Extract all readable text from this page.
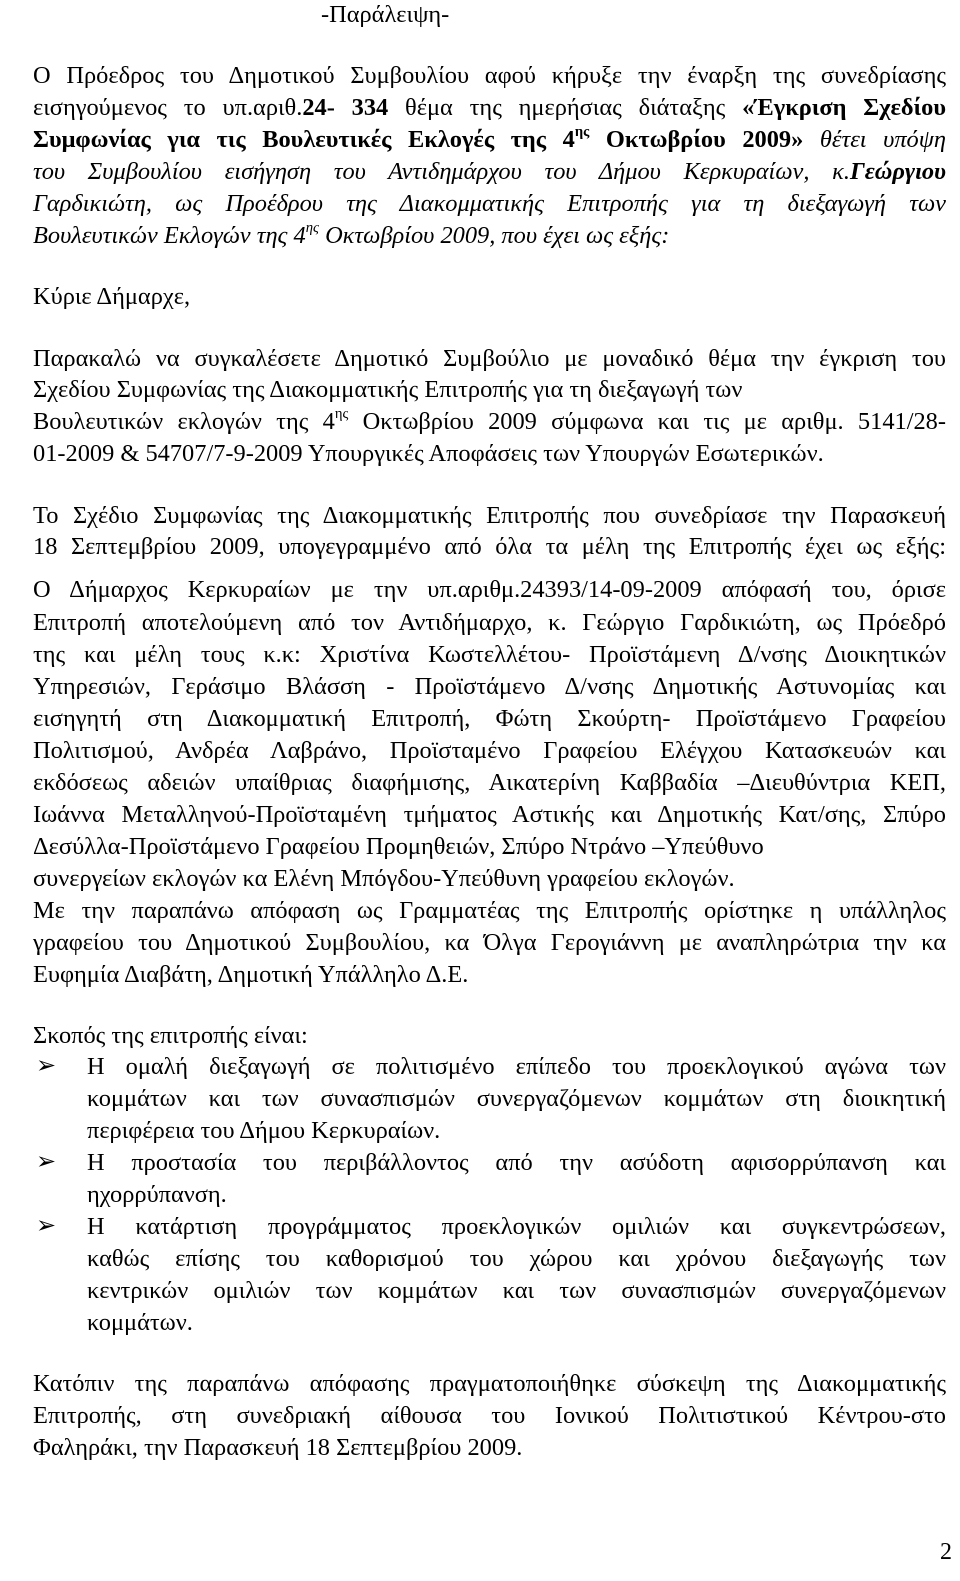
-Παράλειψη-
Ο Πρόεδρος του Δημοτικού Συμβουλίου αφού κήρυξε την έναρξη της συνεδρίασης
εισηγούμενος το υπ.αριθ.24- 334 θέμα της ημερήσιας διάταξης «Έγκριση Σχεδίου
Συμφωνίας για τις Βουλευτικές Εκλογές της $4^{\eta\varsigma}$ Οκτωβρίου 2009» θέτει υπόψη
του Συμβουλίου εισήγηση του Αντιδημάρχου του Δήμου Κερκυραίων, κ.Γεώργιου
Γαρδικιώτη, ως Προέδρου της Διακομματικής Επιτροπής για τη διεξαγωγή των
Βουλευτικών Εκλογών της $4^{\eta\varsigma}$ Οκτωβρίου 2009, που έχει ως εξής:
Κύριε Δήμαρχε,
Παρακαλώ να συγκαλέσετε Δημοτικό Συμβούλιο με μοναδικό θέμα την έγκριση του
Σχεδίου Συμφωνίας της Διακομματικής Επιτροπής για τη διεξαγωγή των
Βουλευτικών εκλογών της $4^{\eta\varsigma}$ Οκτωβρίου 2009 σύμφωνα και τις με αριθμ. 5141/28-
01-2009 & 54707/7-9-2009 Υπουργικές Αποφάσεις των Υπουργών Εσωτερικών.
Το Σχέδιο Συμφωνίας της Διακομματικής Επιτροπής που συνεδρίασε την Παρασκευή
18 Σεπτεμβρίου 2009, υπογεγραμμένο από όλα τα μέλη της Επιτροπής έχει ως εξής:
Ο Δήμαρχος Κερκυραίων με την υπ.αριθμ.24393/14-09-2009 απόφασή του, όρισε
Επιτροπή αποτελούμενη από τον Αντιδήμαρχο, κ. Γεώργιο Γαρδικιώτη, ως Πρόεδρό
της και μέλη τους κ.κ: Χριστίνα Κωστελλέτου- Προϊστάμενη Δ/νσης Διοικητικών
Υπηρεσιών, Γεράσιμο Βλάσση - Προϊστάμενο Δ/νσης Δημοτικής Αστυνομίας και
εισηγητή στη Διακομματική Επιτροπή, Φώτη Σκούρτη- Προϊστάμενο Γραφείου
Πολιτισμού, Ανδρέα Λαβράνο, Προϊσταμένο Γραφείου Ελέγχου Κατασκευών και
εκδόσεως αδειών υπαίθριας διαφήμισης, Αικατερίνη Καββαδία –Διευθύντρια ΚΕΠ,
Ιωάννα Μεταλληνού-Προϊσταμένη τμήματος Αστικής και Δημοτικής Κατ/σης, Σπύρο
Δεσύλλα-Προϊστάμενο Γραφείου Προμηθειών, Σπύρο Ντράνο –Υπεύθυνο
συνεργείων εκλογών κα Ελένη Μπόγδου-Υπεύθυνη γραφείου εκλογών.
Με την παραπάνω απόφαση ως Γραμματέας της Επιτροπής ορίστηκε η υπάλληλος
γραφείου του Δημοτικού Συμβουλίου, κα Όλγα Γερογιάννη με αναπληρώτρια την κα
Ευφημία Διαβάτη, Δημοτική Υπάλληλο Δ.Ε.
Σκοπός της επιτροπής είναι:
➢ Η ομαλή διεξαγωγή σε πολιτισμένο επίπεδο του προεκλογικού αγώνα των
κομμάτων και των συνασπισμών συνεργαζόμενων κομμάτων στη διοικητική
περιφέρεια του Δήμου Κερκυραίων.
➢ Η προστασία του περιβάλλοντος από την ασύδοτη αφισορρύπανση και
ηχορρύπανση.
➢ Η κατάρτιση προγράμματος προεκλογικών ομιλιών και συγκεντρώσεων,
καθώς επίσης του καθορισμού του χώρου και χρόνου διεξαγωγής των
κεντρικών ομιλιών των κομμάτων και των συνασπισμών συνεργαζόμενων
κομμάτων.
Κατόπιν της παραπάνω απόφασης πραγματοποιήθηκε σύσκεψη της Διακομματικής
Επιτροπής, στη συνεδριακή αίθουσα του Ιονικού Πολιτιστικού Κέντρου-στο
Φαληράκι, την Παρασκευή 18 Σεπτεμβρίου 2009.
2
